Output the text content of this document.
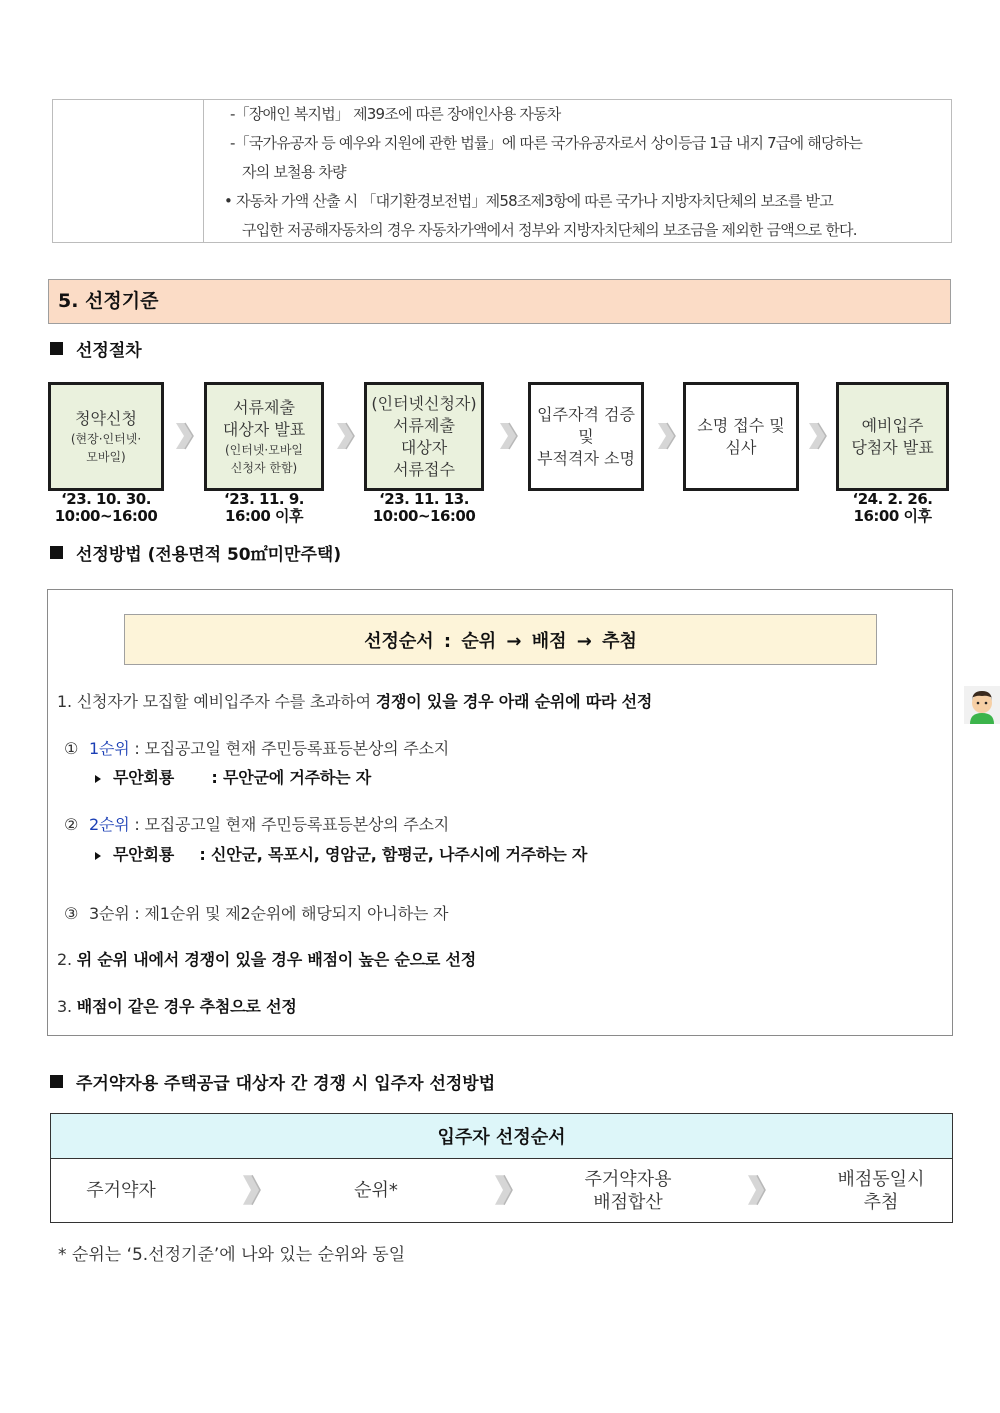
-「장애인 복지법」 제39조에 따른 장애인사용 자동차
-「국가유공자 등 예우와 지원에 관한 법률」에 따른 국가유공자로서 상이등급 1급 내지 7급에 해당하는
자의 보철용 차량
• 자동차 가액 산출 시 「대기환경보전법」제58조제3항에 따른 국가나 지방자치단체의 보조를 받고
구입한 저공해자동차의 경우 자동차가액에서 정부와 지방자치단체의 보조금을 제외한 금액으로 한다.
5. 선정기준
선정절차
청약신청
(현장·인터넷·
모바일)
‘23. 10. 30.
10:00~16:00
서류제출
대상자 발표
(인터넷·모바일
신청자 한함)
‘23. 11. 9.
16:00 이후
(인터넷신청자)
서류제출
대상자
서류접수
‘23. 11. 13.
10:00~16:00
입주자격 검증
및
부적격자 소명
소명 접수 및
심사
예비입주
당첨자 발표
‘24. 2. 26.
16:00 이후
선정방법 (전용면적 50㎡미만주택)
선정순서 : 순위 → 배점 → 추첨
1. 신청자가 모집할 예비입주자 수를 초과하여 경쟁이 있을 경우 아래 순위에 따라 선정
① 1순위 : 모집공고일 현재 주민등록표등본상의 주소지
무안회룡 : 무안군에 거주하는 자
② 2순위 : 모집공고일 현재 주민등록표등본상의 주소지
무안회룡 : 신안군, 목포시, 영암군, 함평군, 나주시에 거주하는 자
③ 3순위 : 제1순위 및 제2순위에 해당되지 아니하는 자
2. 위 순위 내에서 경쟁이 있을 경우 배점이 높은 순으로 선정
3. 배점이 같은 경우 추첨으로 선정
주거약자용 주택공급 대상자 간 경쟁 시 입주자 선정방법
입주자 선정순서
주거약자	순위*
주거약자용
배점합산
배점동일시
추첨
* 순위는 ‘5.선정기준’에 나와 있는 순위와 동일
